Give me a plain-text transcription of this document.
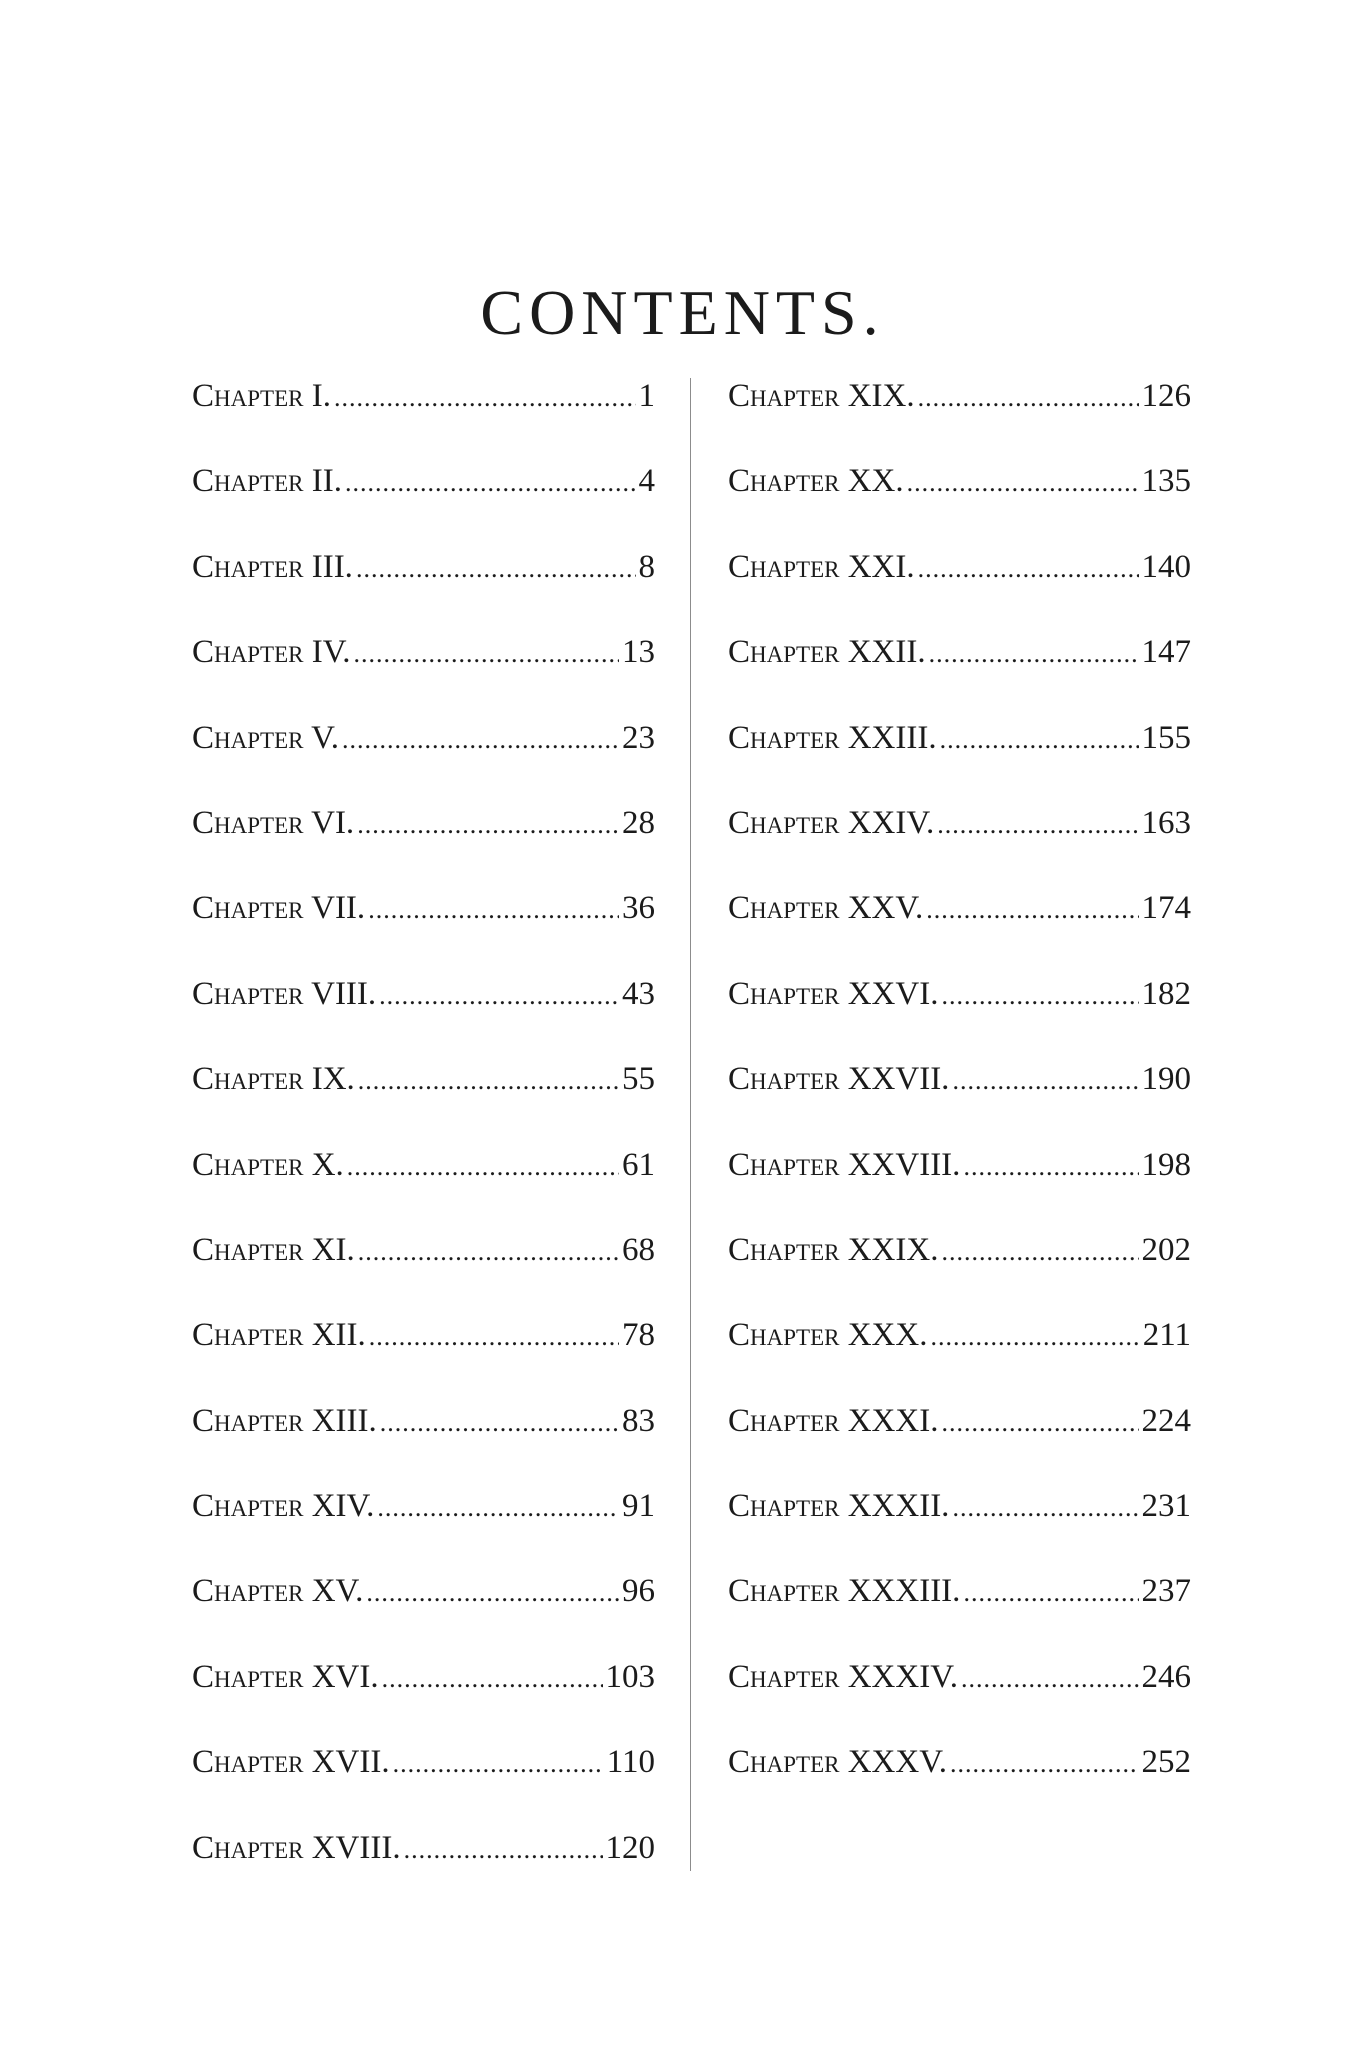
CONTENTS.
Chapter I. .....	1
Chapter II. .....	4
Chapter III. .....	8
Chapter IV. .....	13
Chapter V. .....	23
Chapter VI. .....	28
Chapter VII. .....	36
Chapter VIII. .....	43
Chapter IX. .....	55
Chapter X. .....	61
Chapter XI. .....	68
Chapter XII. .....	78
Chapter XIII. .....	83
Chapter XIV. .....	91
Chapter XV. .....	96
Chapter XVI. .....	103
Chapter XVII. .....	110
Chapter XVIII. .....	120
Chapter XIX. .....	126
Chapter XX. .....	135
Chapter XXI. .....	140
Chapter XXII. .....	147
Chapter XXIII. .....	155
Chapter XXIV. .....	163
Chapter XXV. .....	174
Chapter XXVI. .....	182
Chapter XXVII. .....	190
Chapter XXVIII. .....	198
Chapter XXIX. .....	202
Chapter XXX. .....	211
Chapter XXXI. .....	224
Chapter XXXII. .....	231
Chapter XXXIII. .....	237
Chapter XXXIV. .....	246
Chapter XXXV. .....	252
